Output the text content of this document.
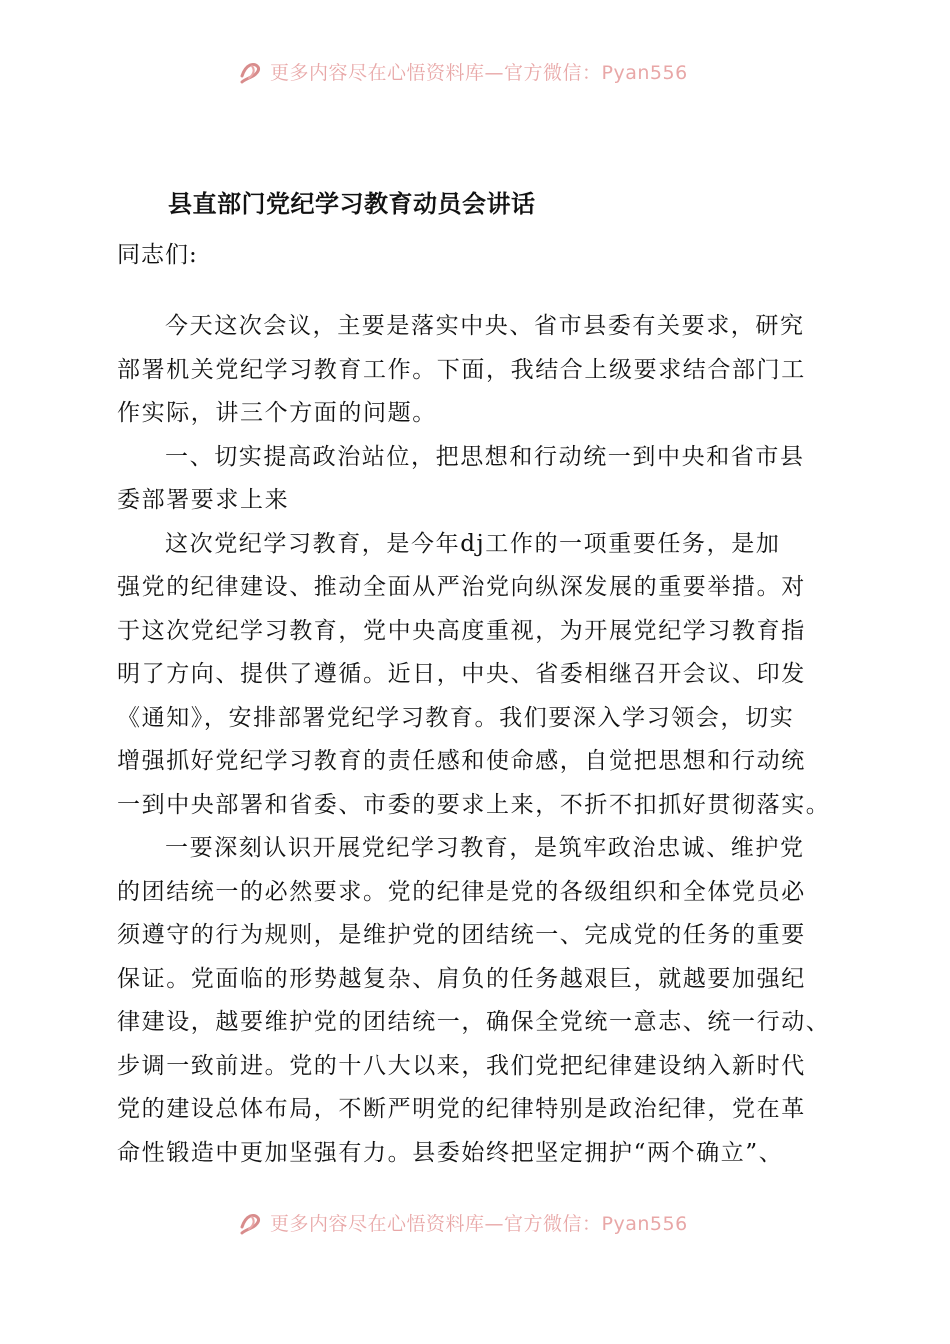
更多内容尽在心悟资料库—官方微信：Pyan556
县直部门党纪学习教育动员会讲话
同志们:
今天这次会议，主要是落实中央、省市县委有关要求，研究
部署机关党纪学习教育工作。下面，我结合上级要求结合部门工
作实际，讲三个方面的问题。
一、切实提高政治站位，把思想和行动统一到中央和省市县
委部署要求上来
这次党纪学习教育，是今年dj工作的一项重要任务，是加
强党的纪律建设、推动全面从严治党向纵深发展的重要举措。对
于这次党纪学习教育，党中央高度重视，为开展党纪学习教育指
明了方向、提供了遵循。近日，中央、省委相继召开会议、印发
《通知》，安排部署党纪学习教育。我们要深入学习领会，切实
增强抓好党纪学习教育的责任感和使命感，自觉把思想和行动统
一到中央部署和省委、市委的要求上来，不折不扣抓好贯彻落实。
一要深刻认识开展党纪学习教育，是筑牢政治忠诚、维护党
的团结统一的必然要求。党的纪律是党的各级组织和全体党员必
须遵守的行为规则，是维护党的团结统一、完成党的任务的重要
保证。党面临的形势越复杂、肩负的任务越艰巨，就越要加强纪
律建设，越要维护党的团结统一，确保全党统一意志、统一行动、
步调一致前进。党的十八大以来，我们党把纪律建设纳入新时代
党的建设总体布局，不断严明党的纪律特别是政治纪律，党在革
命性锻造中更加坚强有力。县委始终把坚定拥护“两个确立”、
更多内容尽在心悟资料库—官方微信：Pyan556
